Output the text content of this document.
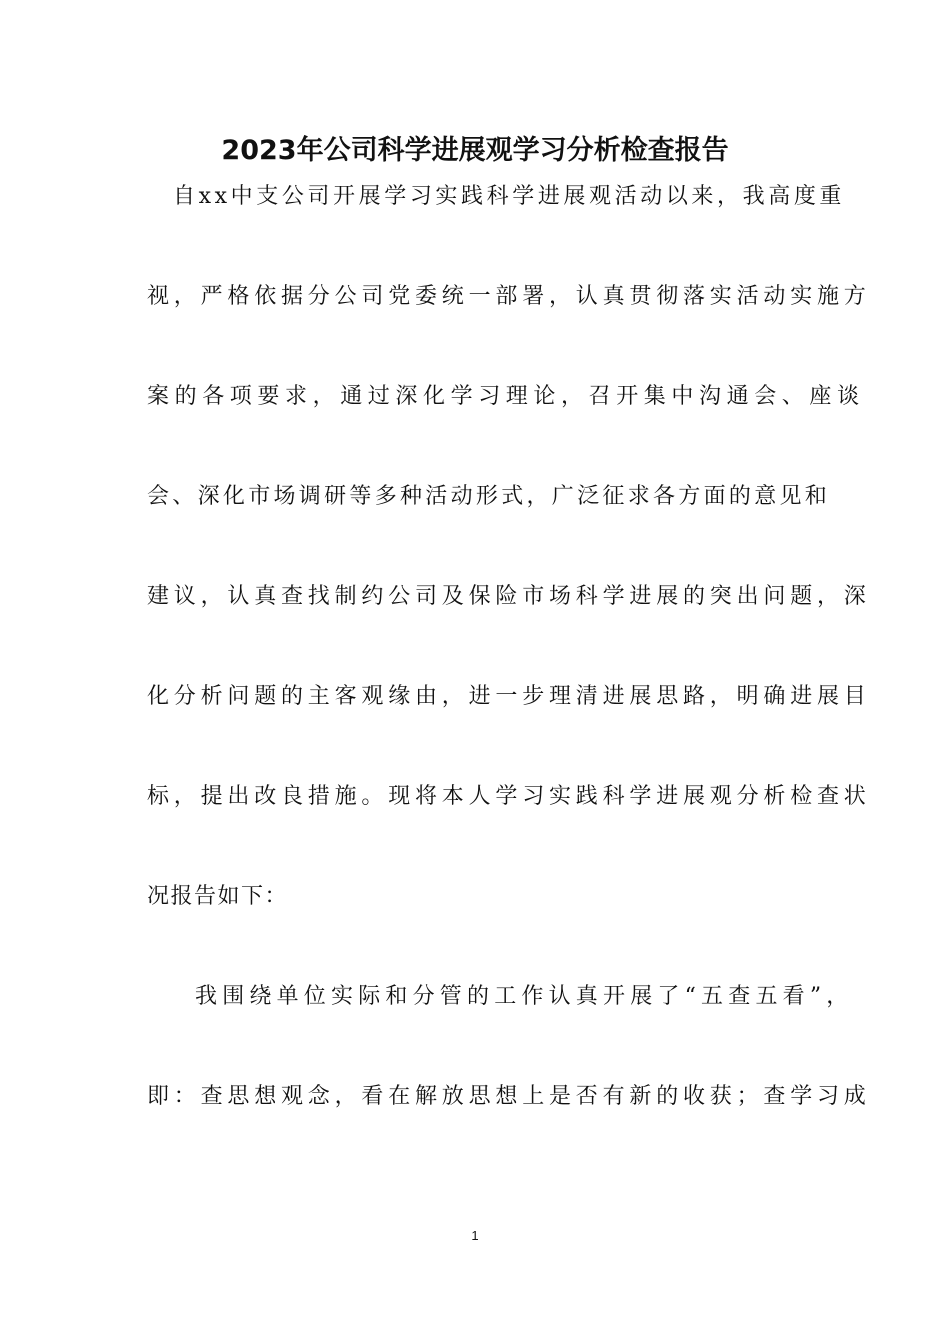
2023年公司科学进展观学习分析检查报告
自xx中支公司开展学习实践科学进展观活动以来，我高度重
视，严格依据分公司党委统一部署，认真贯彻落实活动实施方
案的各项要求，通过深化学习理论，召开集中沟通会、座谈
会、深化市场调研等多种活动形式，广泛征求各方面的意见和
建议，认真查找制约公司及保险市场科学进展的突出问题，深
化分析问题的主客观缘由，进一步理清进展思路，明确进展目
标，提出改良措施。现将本人学习实践科学进展观分析检查状
况报告如下：
我围绕单位实际和分管的工作认真开展了“五查五看”，
即：查思想观念，看在解放思想上是否有新的收获；查学习成
1
